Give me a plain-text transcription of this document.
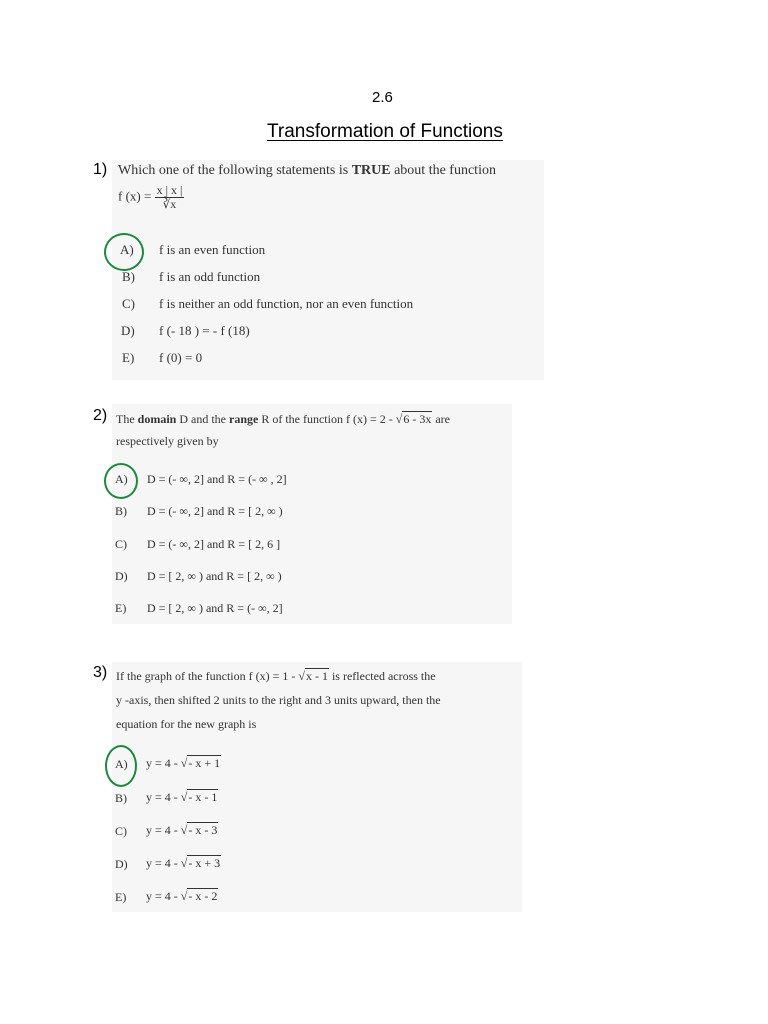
2.6
Transformation of Functions
1) Which one of the following statements is TRUE about the function
f $(x) = \frac{x | x |}{∛x}$
A) f is an even function
B) f is an odd function
C) f is neither an odd function, nor an even function
D) f (- 18 ) = - f (18)
E) f (0) = 0
2) The domain D and the range R of the function f (x) = 2 - √6 - 3x are
respectively given by
A) D = (- ∞, 2] and R = (- ∞ , 2]
B) D = (- ∞, 2] and R = [ 2, ∞ )
C) D = (- ∞, 2] and R = [ 2, 6 ]
D) D = [ 2, ∞ ) and R = [ 2, ∞ )
E) D = [ 2, ∞ ) and R = (- ∞, 2]
3) If the graph of the function f (x) = 1 - √x - 1 is reflected across the
y -axis, then shifted 2 units to the right and 3 units upward, then the
equation for the new graph is
A) y = 4 - √- x + 1
B) y = 4 - √- x - 1
C) y = 4 - √- x - 3
D) y = 4 - √- x + 3
E) y = 4 - √- x - 2
